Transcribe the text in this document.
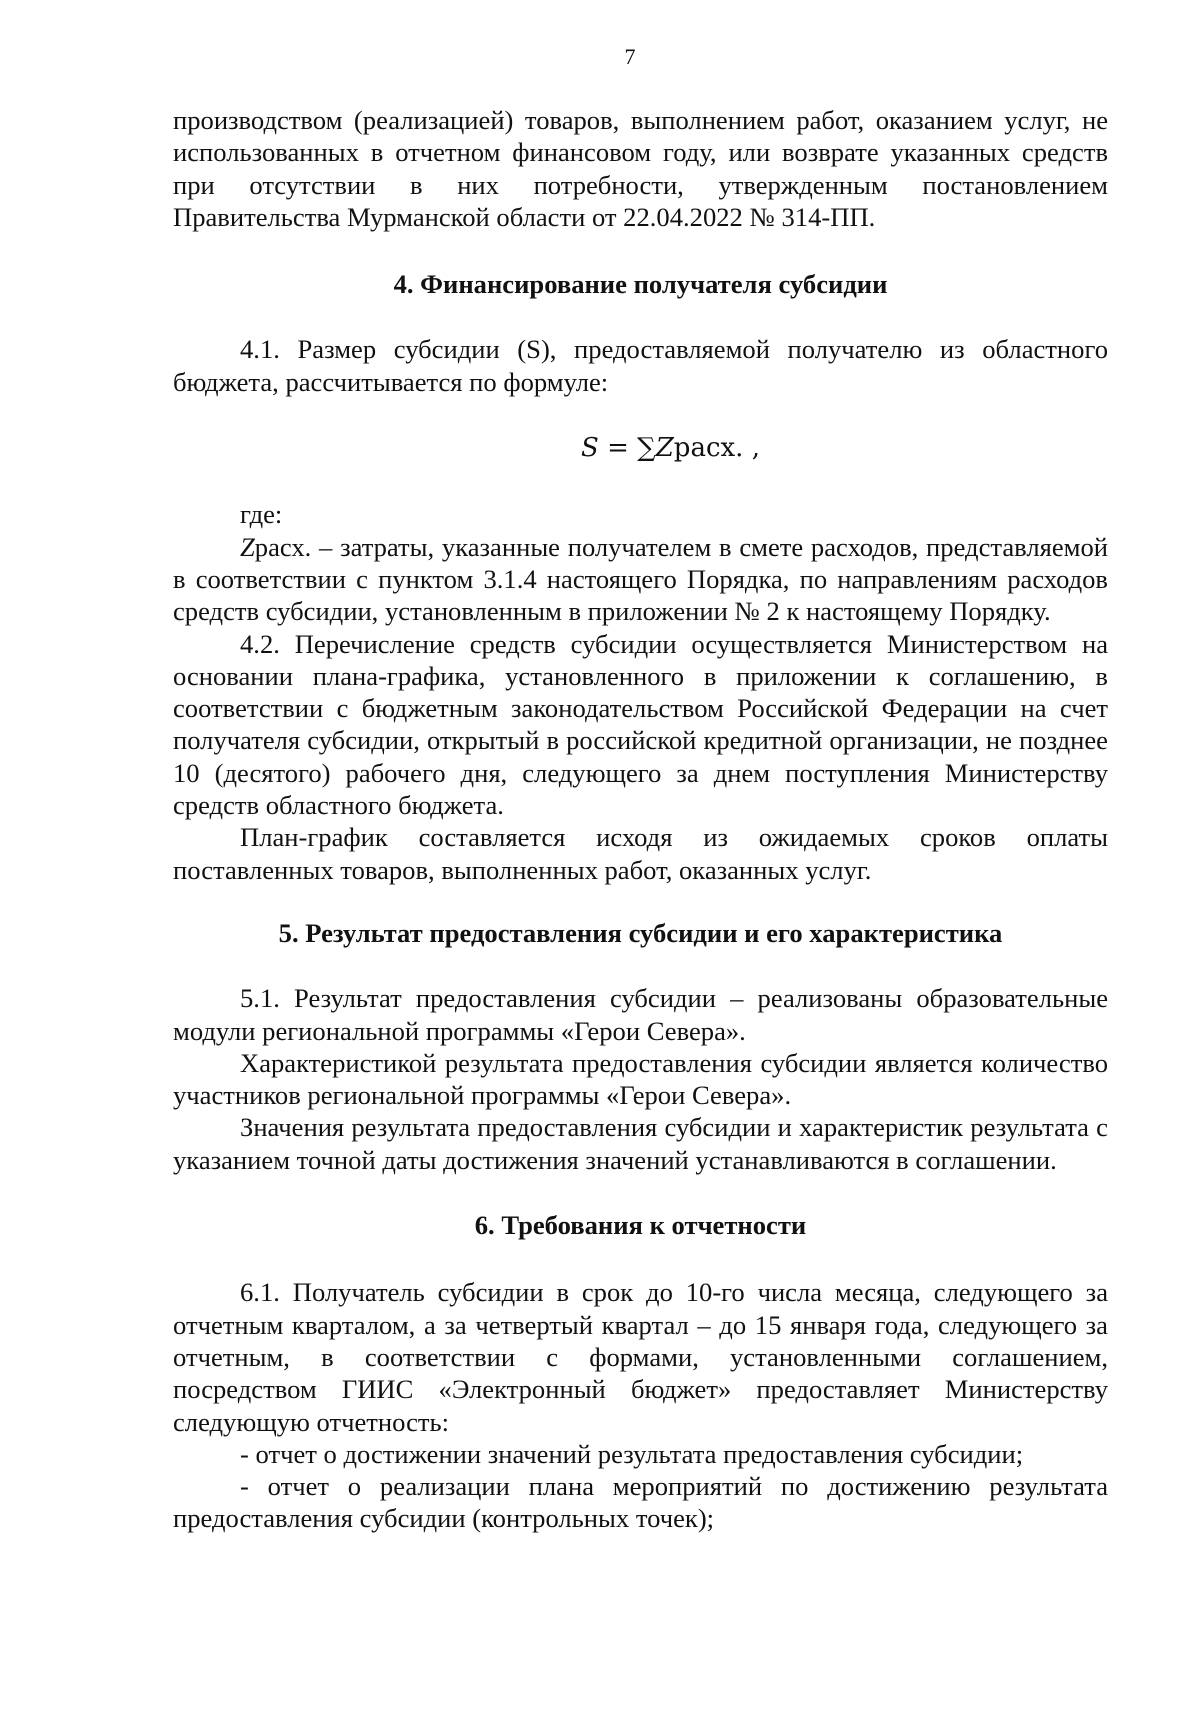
7

производством (реализацией) товаров, выполнением работ, оказанием услуг, не использованных в отчетном финансовом году, или возврате указанных средств при отсутствии в них потребности, утвержденным постановлением Правительства Мурманской области от 22.04.2022 № 314-ПП.

4. Финансирование получателя субсидии

4.1. Размер субсидии (S), предоставляемой получателю из областного бюджета, рассчитывается по формуле:

S = ∑Zрасх. ,

где:

Zрасх. – затраты, указанные получателем в смете расходов, представляемой в соответствии с пунктом 3.1.4 настоящего Порядка, по направлениям расходов средств субсидии, установленным в приложении № 2 к настоящему Порядку.

4.2. Перечисление средств субсидии осуществляется Министерством на основании плана-графика, установленного в приложении к соглашению, в соответствии с бюджетным законодательством Российской Федерации на счет получателя субсидии, открытый в российской кредитной организации, не позднее 10 (десятого) рабочего дня, следующего за днем поступления Министерству средств областного бюджета.

План-график составляется исходя из ожидаемых сроков оплаты поставленных товаров, выполненных работ, оказанных услуг.

5. Результат предоставления субсидии и его характеристика

5.1. Результат предоставления субсидии – реализованы образовательные модули региональной программы «Герои Севера».

Характеристикой результата предоставления субсидии является количество участников региональной программы «Герои Севера».

Значения результата предоставления субсидии и характеристик результата с указанием точной даты достижения значений устанавливаются в соглашении.

6. Требования к отчетности

6.1. Получатель субсидии в срок до 10-го числа месяца, следующего за отчетным кварталом, а за четвертый квартал – до 15 января года, следующего за отчетным, в соответствии с формами, установленными соглашением, посредством ГИИС «Электронный бюджет» предоставляет Министерству следующую отчетность:

- отчет о достижении значений результата предоставления субсидии;

- отчет о реализации плана мероприятий по достижению результата предоставления субсидии (контрольных точек);
